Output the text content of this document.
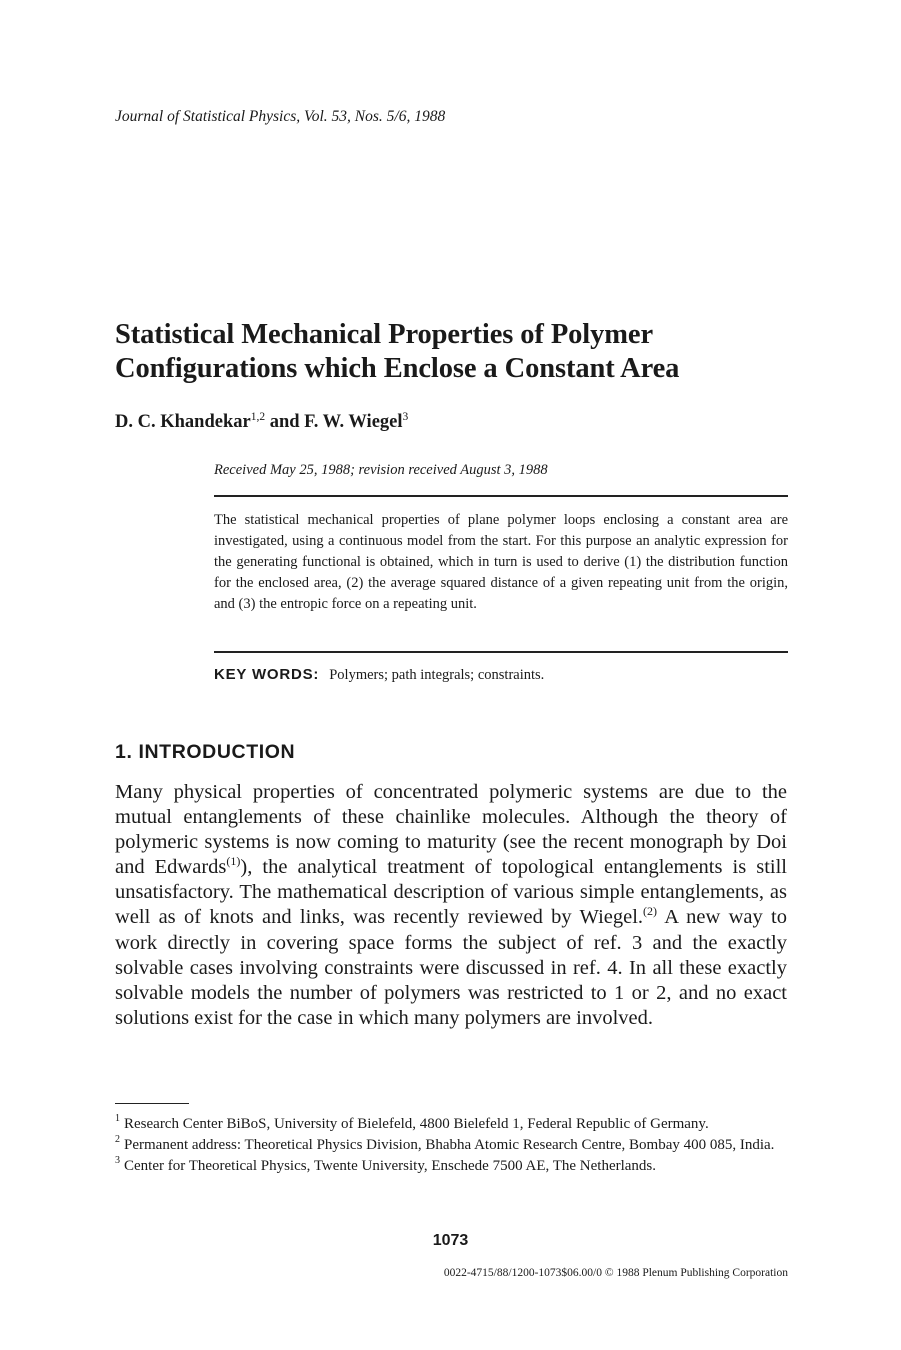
Journal of Statistical Physics, Vol. 53, Nos. 5/6, 1988
Statistical Mechanical Properties of Polymer
Configurations which Enclose a Constant Area
D. C. Khandekar$^{1,2}$ and F. W. Wiegel$^3$
Received May 25, 1988; revision received August 3, 1988
The statistical mechanical properties of plane polymer loops enclosing a constant area are investigated, using a continuous model from the start. For this purpose an analytic expression for the generating functional is obtained, which in turn is used to derive (1) the distribution function for the enclosed area, (2) the average squared distance of a given repeating unit from the origin, and (3) the entropic force on a repeating unit.
KEY WORDS: Polymers; path integrals; constraints.
1. INTRODUCTION
Many physical properties of concentrated polymeric systems are due to the mutual entanglements of these chainlike molecules. Although the theory of polymeric systems is now coming to maturity (see the recent monograph by Doi and Edwards$^{(1)}$), the analytical treatment of topological entanglements is still unsatisfactory. The mathematical description of various simple entanglements, as well as of knots and links, was recently reviewed by Wiegel.$^{(2)}$ A new way to work directly in covering space forms the subject of ref. 3 and the exactly solvable cases involving constraints were discussed in ref. 4. In all these exactly solvable models the number of polymers was restricted to 1 or 2, and no exact solutions exist for the case in which many polymers are involved.
1 Research Center BiBoS, University of Bielefeld, 4800 Bielefeld 1, Federal Republic of Germany.
2 Permanent address: Theoretical Physics Division, Bhabha Atomic Research Centre, Bombay 400 085, India.
3 Center for Theoretical Physics, Twente University, Enschede 7500 AE, The Netherlands.
1073
0022-4715/88/1200-1073$06.00/0 © 1988 Plenum Publishing Corporation
